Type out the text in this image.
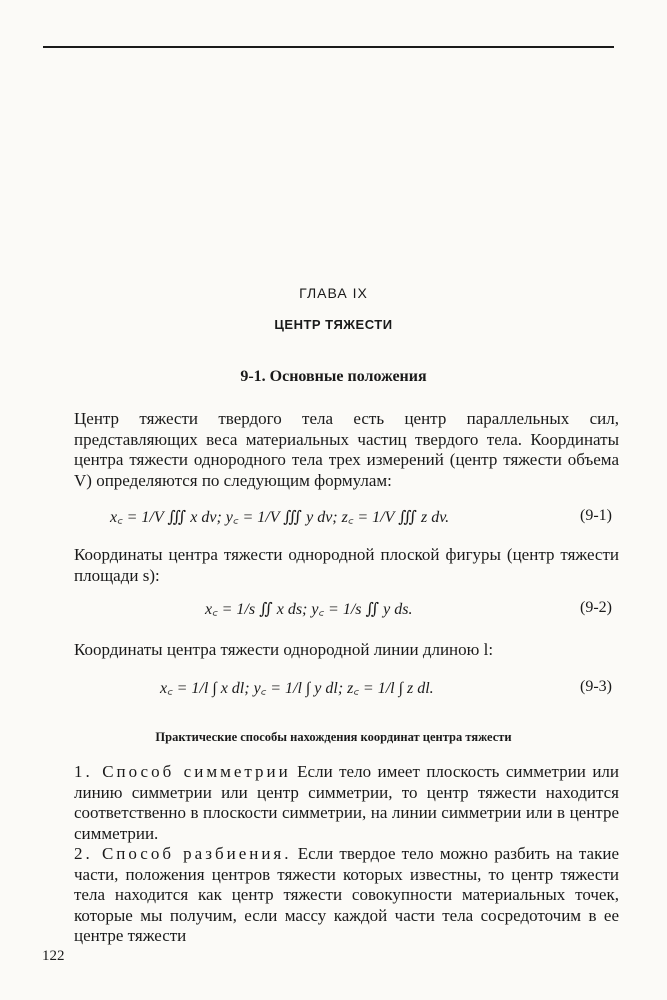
ГЛАВА IX
ЦЕНТР ТЯЖЕСТИ
9-1. Основные положения
Центр тяжести твердого тела есть центр параллельных сил, представляющих веса материальных частиц твердого тела. Координаты центра тяжести однородного тела трех измерений (центр тяжести объема V) определяются по следующим формулам:
x꜀ = 1/V ∭ x dv; y꜀ = 1/V ∭ y dv; z꜀ = 1/V ∭ z dv.	(9-1)
Координаты центра тяжести однородной плоской фигуры (центр тяжести площади s):
x꜀ = 1/s ∬ x ds; y꜀ = 1/s ∬ y ds.	(9-2)
Координаты центра тяжести однородной линии длиною l:
x꜀ = 1/l ∫ x dl; y꜀ = 1/l ∫ y dl; z꜀ = 1/l ∫ z dl.	(9-3)
Практические способы нахождения координат центра тяжести
1. Способ симметрии Если тело имеет плоскость симметрии или линию симметрии или центр симметрии, то центр тяжести находится соответственно в плоскости симметрии, на линии симметрии или в центре симметрии.
2. Способ разбиения. Если твердое тело можно разбить на такие части, положения центров тяжести которых известны, то центр тяжести тела находится как центр тяжести совокупности материальных точек, которые мы получим, если массу каждой части тела сосредоточим в ее центре тяжести
122
